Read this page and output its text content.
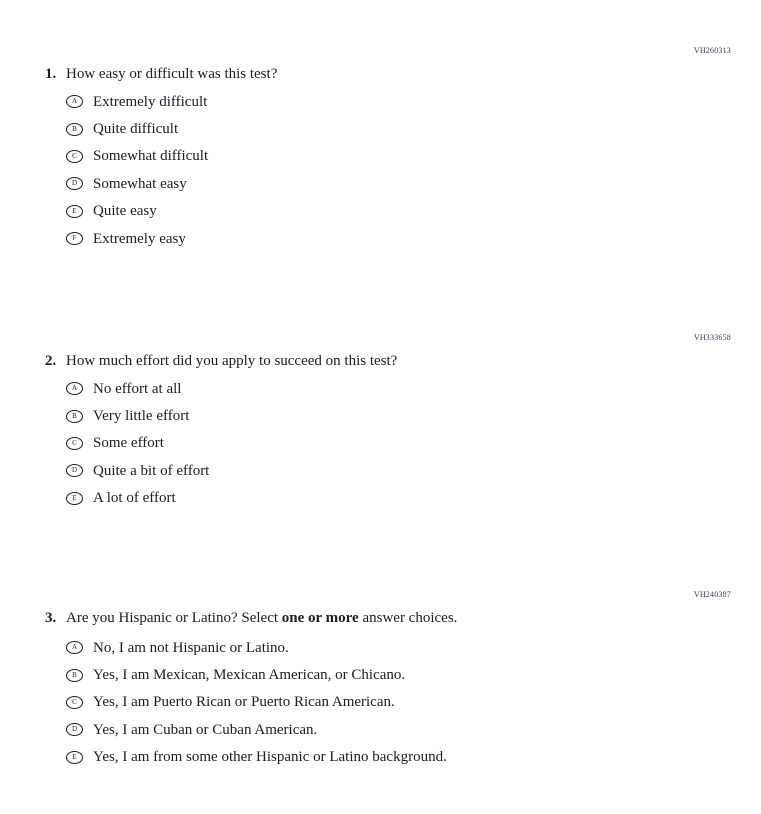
VH260313
1. How easy or difficult was this test?
A Extremely difficult
B Quite difficult
C Somewhat difficult
D Somewhat easy
E Quite easy
F Extremely easy
VH333658
2. How much effort did you apply to succeed on this test?
A No effort at all
B Very little effort
C Some effort
D Quite a bit of effort
E A lot of effort
VH240387
3. Are you Hispanic or Latino? Select one or more answer choices.
A No, I am not Hispanic or Latino.
B Yes, I am Mexican, Mexican American, or Chicano.
C Yes, I am Puerto Rican or Puerto Rican American.
D Yes, I am Cuban or Cuban American.
E Yes, I am from some other Hispanic or Latino background.
